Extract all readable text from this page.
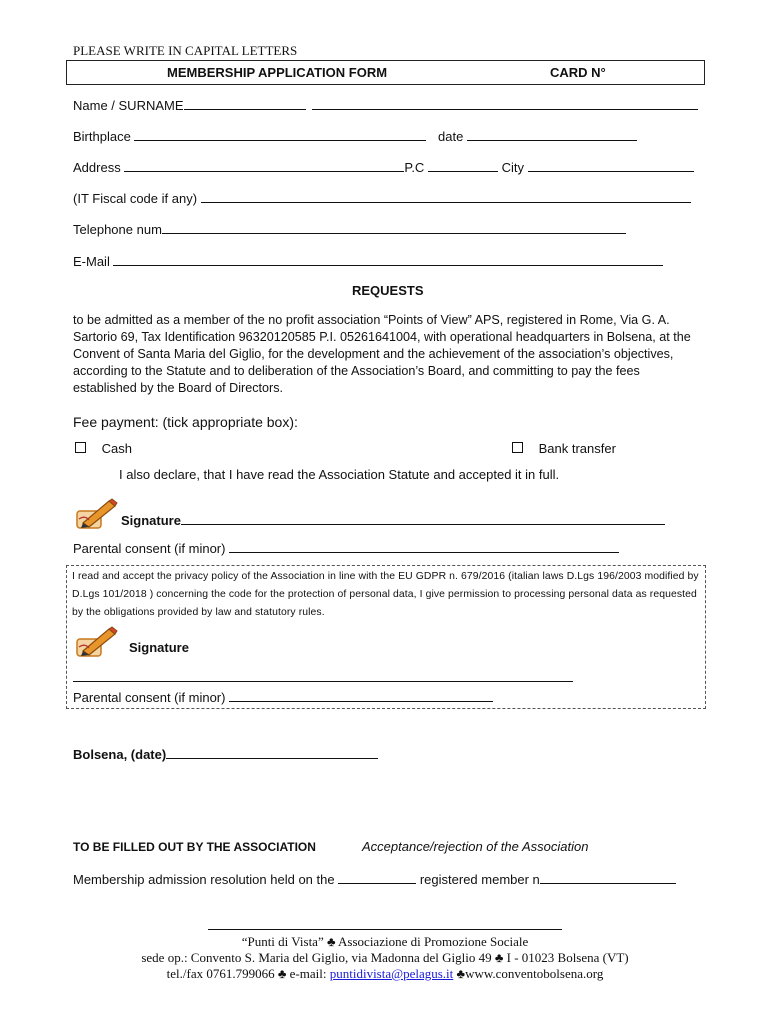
PLEASE WRITE IN CAPITAL LETTERS
MEMBERSHIP APPLICATION FORM	CARD N°
Name / SURNAME
Birthplace	date
Address	P.C	City
(IT Fiscal code if any)
Telephone num
E-Mail
REQUESTS
to be admitted as a member of the no profit association “Points of View” APS, registered in Rome, Via G. A. Sartorio 69, Tax Identification 96320120585 P.I. 05261641004, with operational headquarters in Bolsena, at the Convent of Santa Maria del Giglio, for the development and the achievement of the association’s objectives, according to the Statute and to deliberation of the Association’s Board, and committing to pay the fees established by the Board of Directors.
Fee payment: (tick appropriate box):
Cash	Bank transfer
I also declare, that I have read the Association Statute and accepted it in full.
Signature
Parental consent (if minor)
I read and accept the privacy policy of the Association in line with the EU GDPR n. 679/2016 (italian laws D.Lgs 196/2003 modified by D.Lgs 101/2018 ) concerning the code for the protection of personal data, I give permission to processing personal data as requested by the obligations provided by law and statutory rules.
Signature
Parental consent (if minor)
Bolsena, (date)
TO BE FILLED OUT BY THE ASSOCIATION	Acceptance/rejection of the Association
Membership admission resolution held on the	registered member n
“Punti di Vista” ♣ Associazione di Promozione Sociale
sede op.: Convento S. Maria del Giglio, via Madonna del Giglio 49 ♣ I - 01023 Bolsena (VT)
tel./fax 0761.799066 ♣ e-mail: puntidivista@pelagus.it ♣www.conventobolsena.org
